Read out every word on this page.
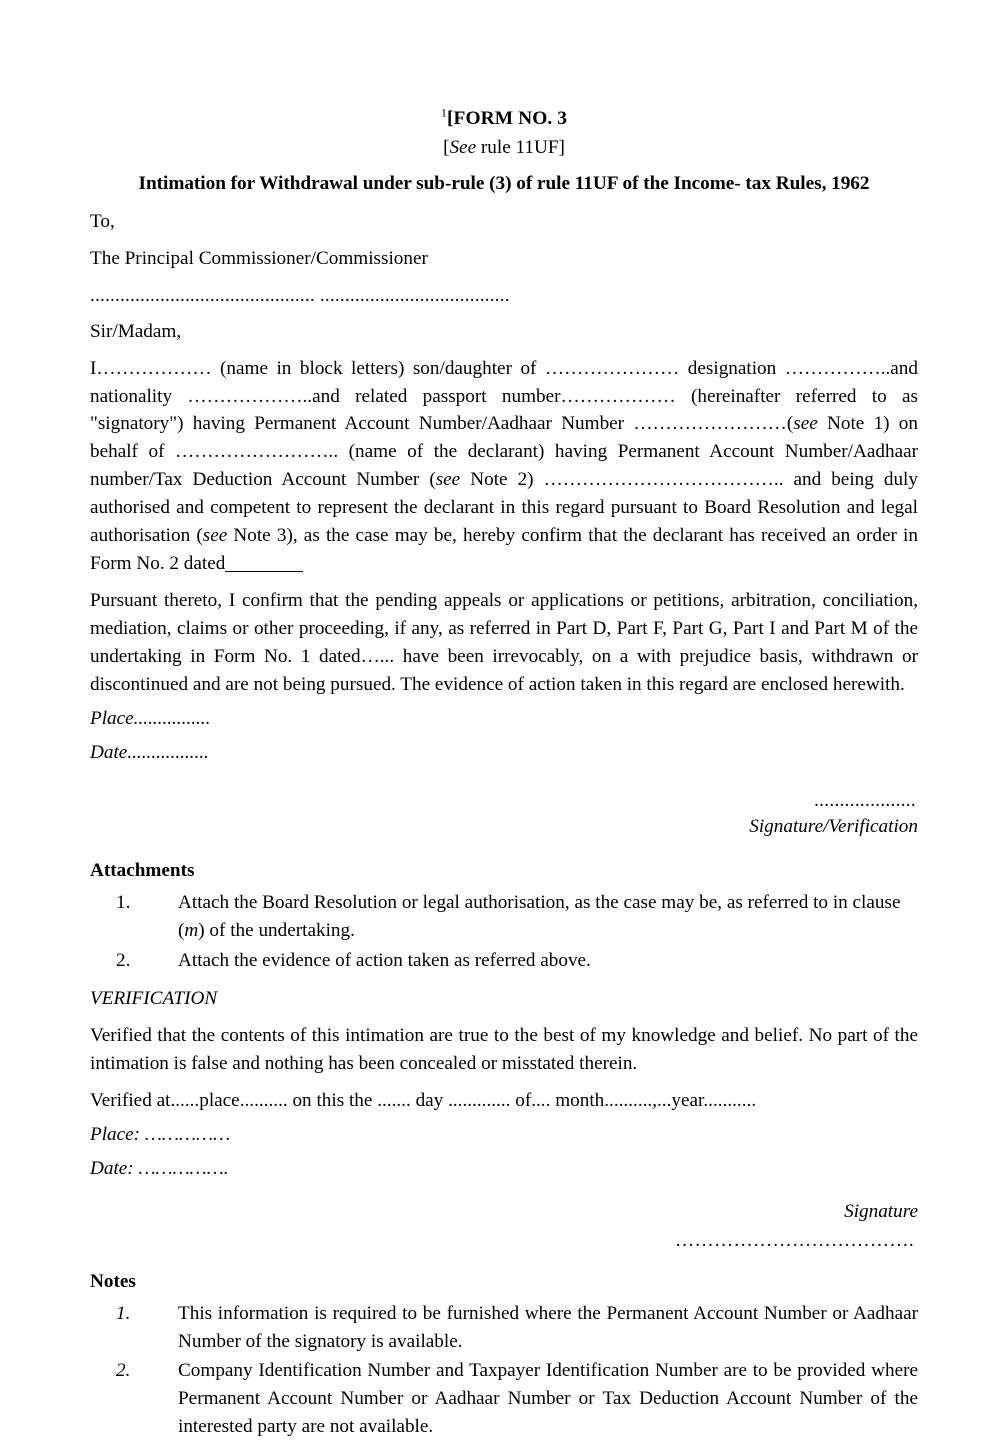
$^1$[FORM NO. 3
[See rule 11UF]
Intimation for Withdrawal under sub-rule (3) of rule 11UF of the Income- tax Rules, 1962
To,
The Principal Commissioner/Commissioner
............................................. ......................................
Sir/Madam,
I……………… (name in block letters) son/daughter of ………………… designation ……………..and nationality ………………..and related passport number……………… (hereinafter referred to as "signatory") having Permanent Account Number/Aadhaar Number ……………………(see Note 1) on behalf of …………………….. (name of the declarant) having Permanent Account Number/Aadhaar number/Tax Deduction Account Number (see Note 2) ……………………………….. and being duly authorised and competent to represent the declarant in this regard pursuant to Board Resolution and legal authorisation (see Note 3), as the case may be, hereby confirm that the declarant has received an order in Form No. 2 dated
Pursuant thereto, I confirm that the pending appeals or applications or petitions, arbitration, conciliation, mediation, claims or other proceeding, if any, as referred in Part D, Part F, Part G, Part I and Part M of the undertaking in Form No. 1 dated…... have been irrevocably, on a with prejudice basis, withdrawn or discontinued and are not being pursued. The evidence of action taken in this regard are enclosed herewith.
Place................
Date.................
....................
Signature/Verification
Attachments
1.	Attach the Board Resolution or legal authorisation, as the case may be, as referred to in clause (m) of the undertaking.
2.	Attach the evidence of action taken as referred above.
VERIFICATION
Verified that the contents of this intimation are true to the best of my knowledge and belief. No part of the intimation is false and nothing has been concealed or misstated therein.
Verified at......place.......... on this the ....... day ............. of.... month..........,...year...........
Place: ……………
Date: …………….
Signature
……………………………….
Notes
1.	This information is required to be furnished where the Permanent Account Number or Aadhaar Number of the signatory is available.
2.	Company Identification Number and Taxpayer Identification Number are to be provided where Permanent Account Number or Aadhaar Number or Tax Deduction Account Number of the interested party are not available.
